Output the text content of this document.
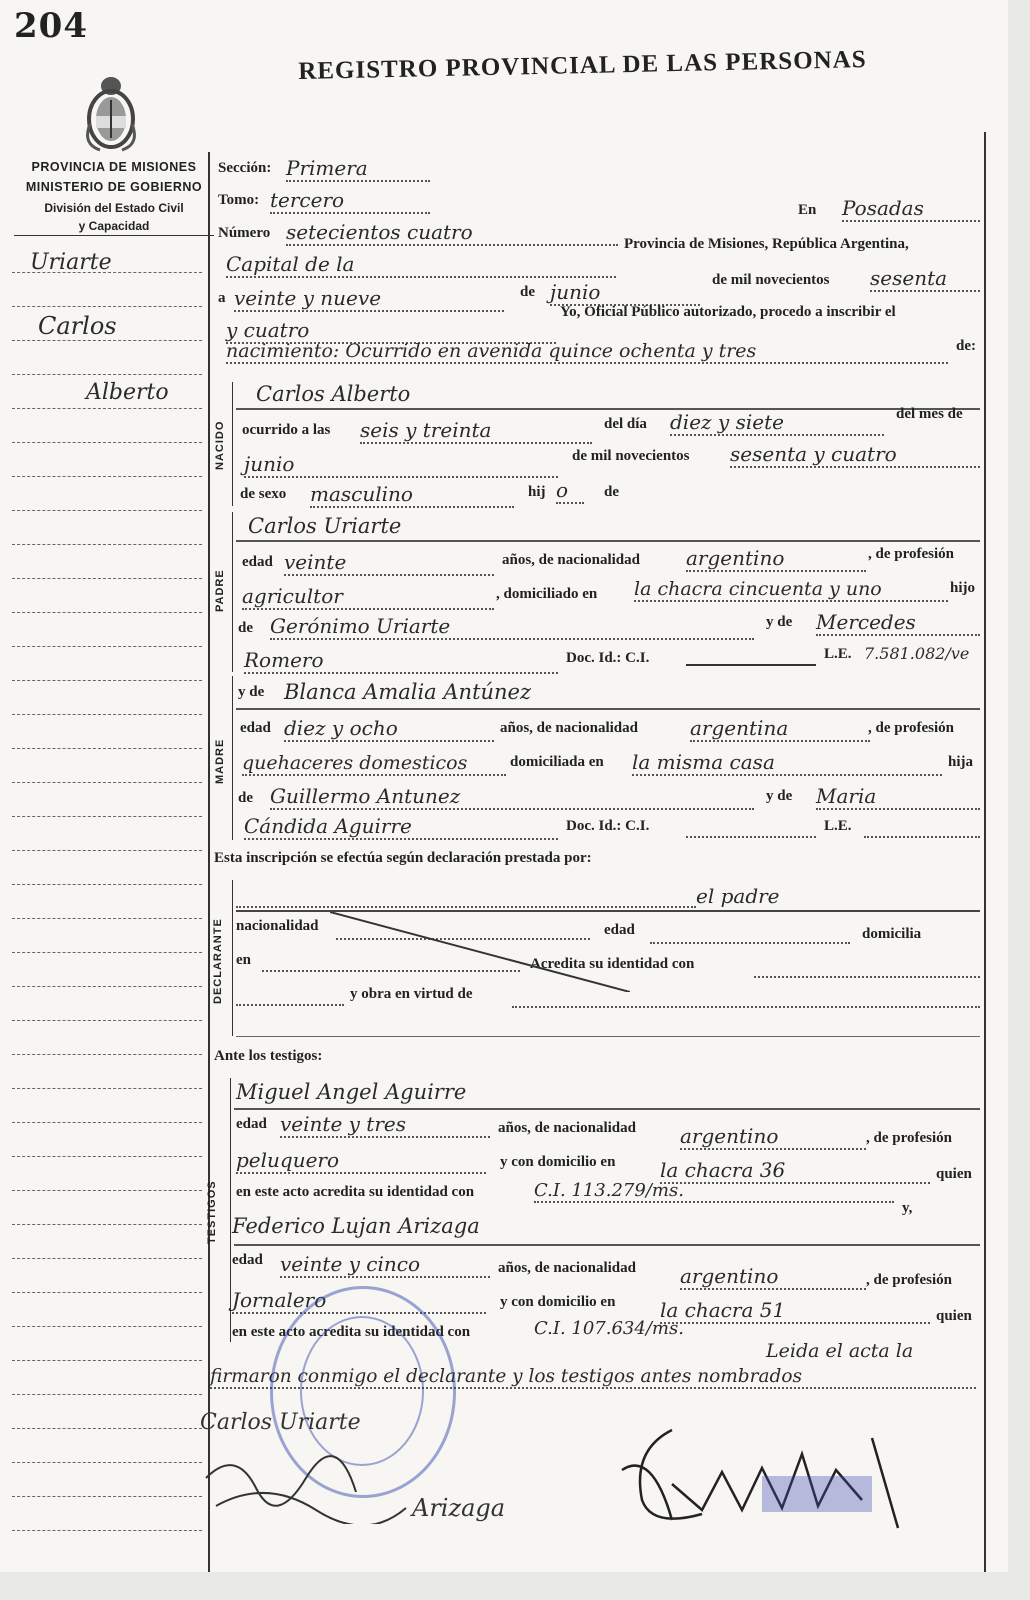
204
REGISTRO PROVINCIAL DE LAS PERSONAS
PROVINCIA DE MISIONES
MINISTERIO DE GOBIERNO
División del Estado Civil
y Capacidad
Uriarte
Carlos
Alberto
Sección: Primera
Tomo: tercero	En Posadas
Número setecientos cuatro	Provincia de Misiones, República Argentina,
Capital de la
a veinte y nueve	de junio	de mil novecientos sesenta
y cuatro
Yo, Oficial Público autorizado, procedo a inscribir el
nacimiento: Ocurrido en avenida quince ochenta y tres	de:
NACIDO
Carlos Alberto
ocurrido a las seis y treinta	del día diez y siete	del mes de
junio	de mil novecientos sesenta y cuatro
de sexo masculino	hij o	de
PADRE
Carlos Uriarte
edad veinte	años, de nacionalidad argentino	, de profesión
agricultor	, domiciliado en la chacra cincuenta y uno	hijo
de Gerónimo Uriarte	y de Mercedes
Romero	Doc. Id.: C.I.	L.E. 7.581.082/ve
MADRE
y de Blanca Amalia Antúnez
edad diez y ocho	años, de nacionalidad	argentina	, de profesión
quehaceres domesticos	domiciliada en la misma casa	hija
de Guillermo Antunez	y de Maria
Cándida Aguirre	Doc. Id.: C.I.	L.E.
Esta inscripción se efectúa según declaración prestada por:
DECLARANTE
el padre
nacionalidad	edad	domicilia
en	Acredita su identidad con
y obra en virtud de
Ante los testigos:
TESTIGOS
Miguel Angel Aguirre
edad veinte y tres	años, de nacionalidad argentino	, de profesión
peluquero	y con domicilio en la chacra 36	quien
en este acto acredita su identidad con	C.I. 113.279/ms.
y,
Federico Lujan Arizaga
edad veinte y cinco	años, de nacionalidad argentino	, de profesión
Jornalero	y con domicilio en la chacra 51	quien
en este acto acredita su identidad con	C.I. 107.634/ms.
Leida el acta la
firmaron conmigo el declarante y los testigos antes nombrados
Carlos Uriarte
Arizaga
